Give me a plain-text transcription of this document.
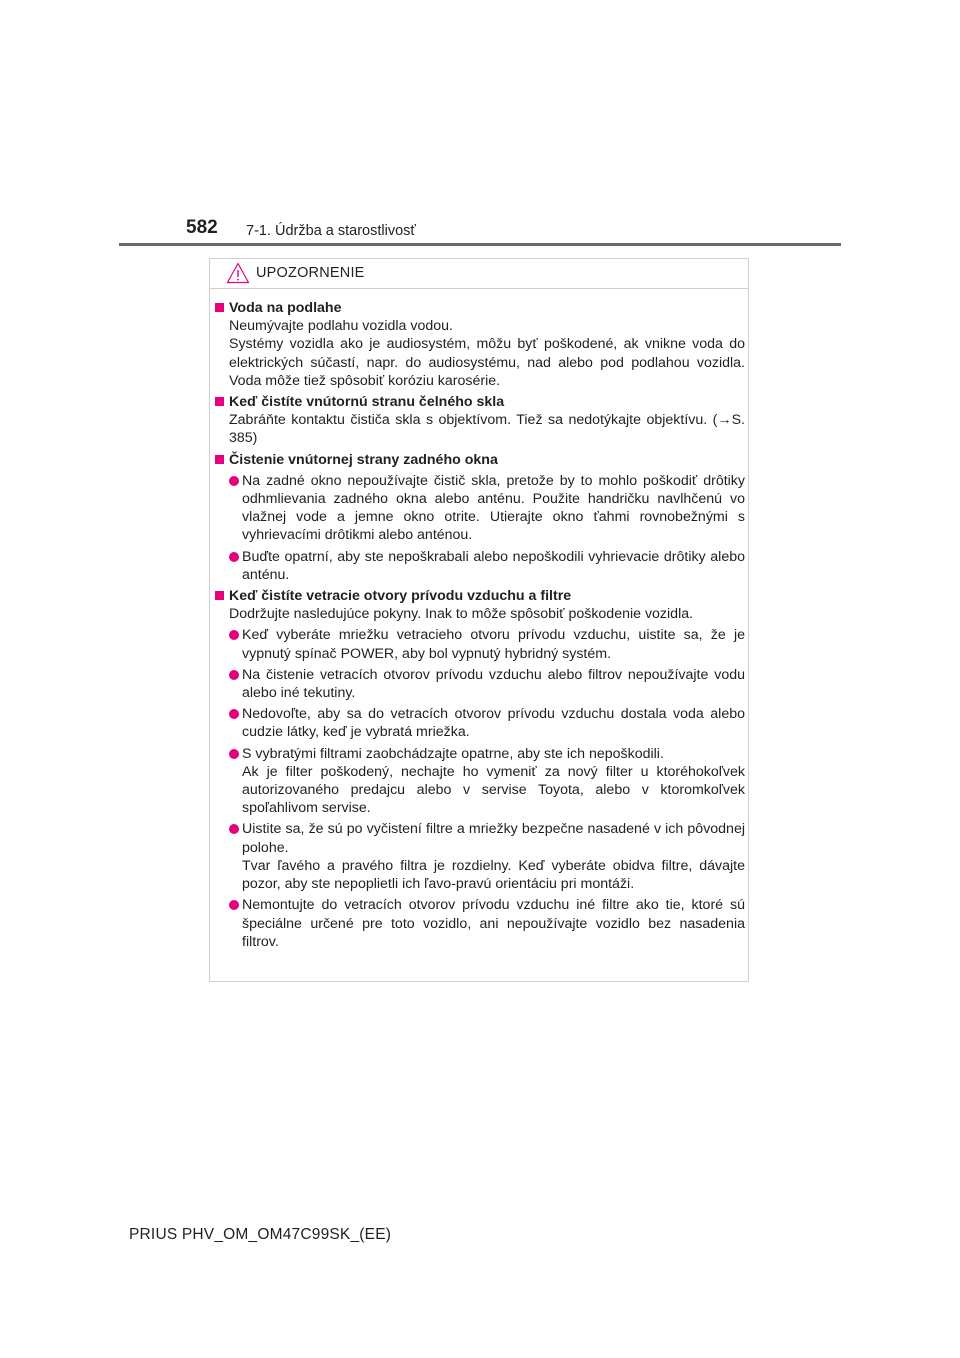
582 7-1. Údržba a starostlivosť
UPOZORNENIE
Voda na podlahe
Neumývajte podlahu vozidla vodou.
Systémy vozidla ako je audiosystém, môžu byť poškodené, ak vnikne voda do elektrických súčastí, napr. do audiosystému, nad alebo pod podlahou vozidla. Voda môže tiež spôsobiť koróziu karosérie.
Keď čistíte vnútornú stranu čelného skla
Zabráňte kontaktu čističa skla s objektívom. Tiež sa nedotýkajte objektívu. (→S. 385)
Čistenie vnútornej strany zadného okna
Na zadné okno nepoužívajte čistič skla, pretože by to mohlo poškodiť drôtiky odhmlievania zadného okna alebo anténu. Použite handričku navlhčenú vo vlažnej vode a jemne okno otrite. Utierajte okno ťahmi rovnobežnými s vyhrievacími drôtikmi alebo anténou.
Buďte opatrní, aby ste nepoškrabali alebo nepoškodili vyhrievacie drôtiky alebo anténu.
Keď čistíte vetracie otvory prívodu vzduchu a filtre
Dodržujte nasledujúce pokyny. Inak to môže spôsobiť poškodenie vozidla.
Keď vyberáte mriežku vetracieho otvoru prívodu vzduchu, uistite sa, že je vypnutý spínač POWER, aby bol vypnutý hybridný systém.
Na čistenie vetracích otvorov prívodu vzduchu alebo filtrov nepoužívajte vodu alebo iné tekutiny.
Nedovoľte, aby sa do vetracích otvorov prívodu vzduchu dostala voda alebo cudzie látky, keď je vybratá mriežka.
S vybratými filtrami zaobchádzajte opatrne, aby ste ich nepoškodili.
Ak je filter poškodený, nechajte ho vymeniť za nový filter u ktoréhokoľvek autorizovaného predajcu alebo v servise Toyota, alebo v ktoromkoľvek spoľahlivom servise.
Uistite sa, že sú po vyčistení filtre a mriežky bezpečne nasadené v ich pôvodnej polohe.
Tvar ľavého a pravého filtra je rozdielny. Keď vyberáte obidva filtre, dávajte pozor, aby ste nepoplietli ich ľavo-pravú orientáciu pri montáži.
Nemontujte do vetracích otvorov prívodu vzduchu iné filtre ako tie, ktoré sú špeciálne určené pre toto vozidlo, ani nepoužívajte vozidlo bez nasadenia filtrov.
PRIUS PHV_OM_OM47C99SK_(EE)
